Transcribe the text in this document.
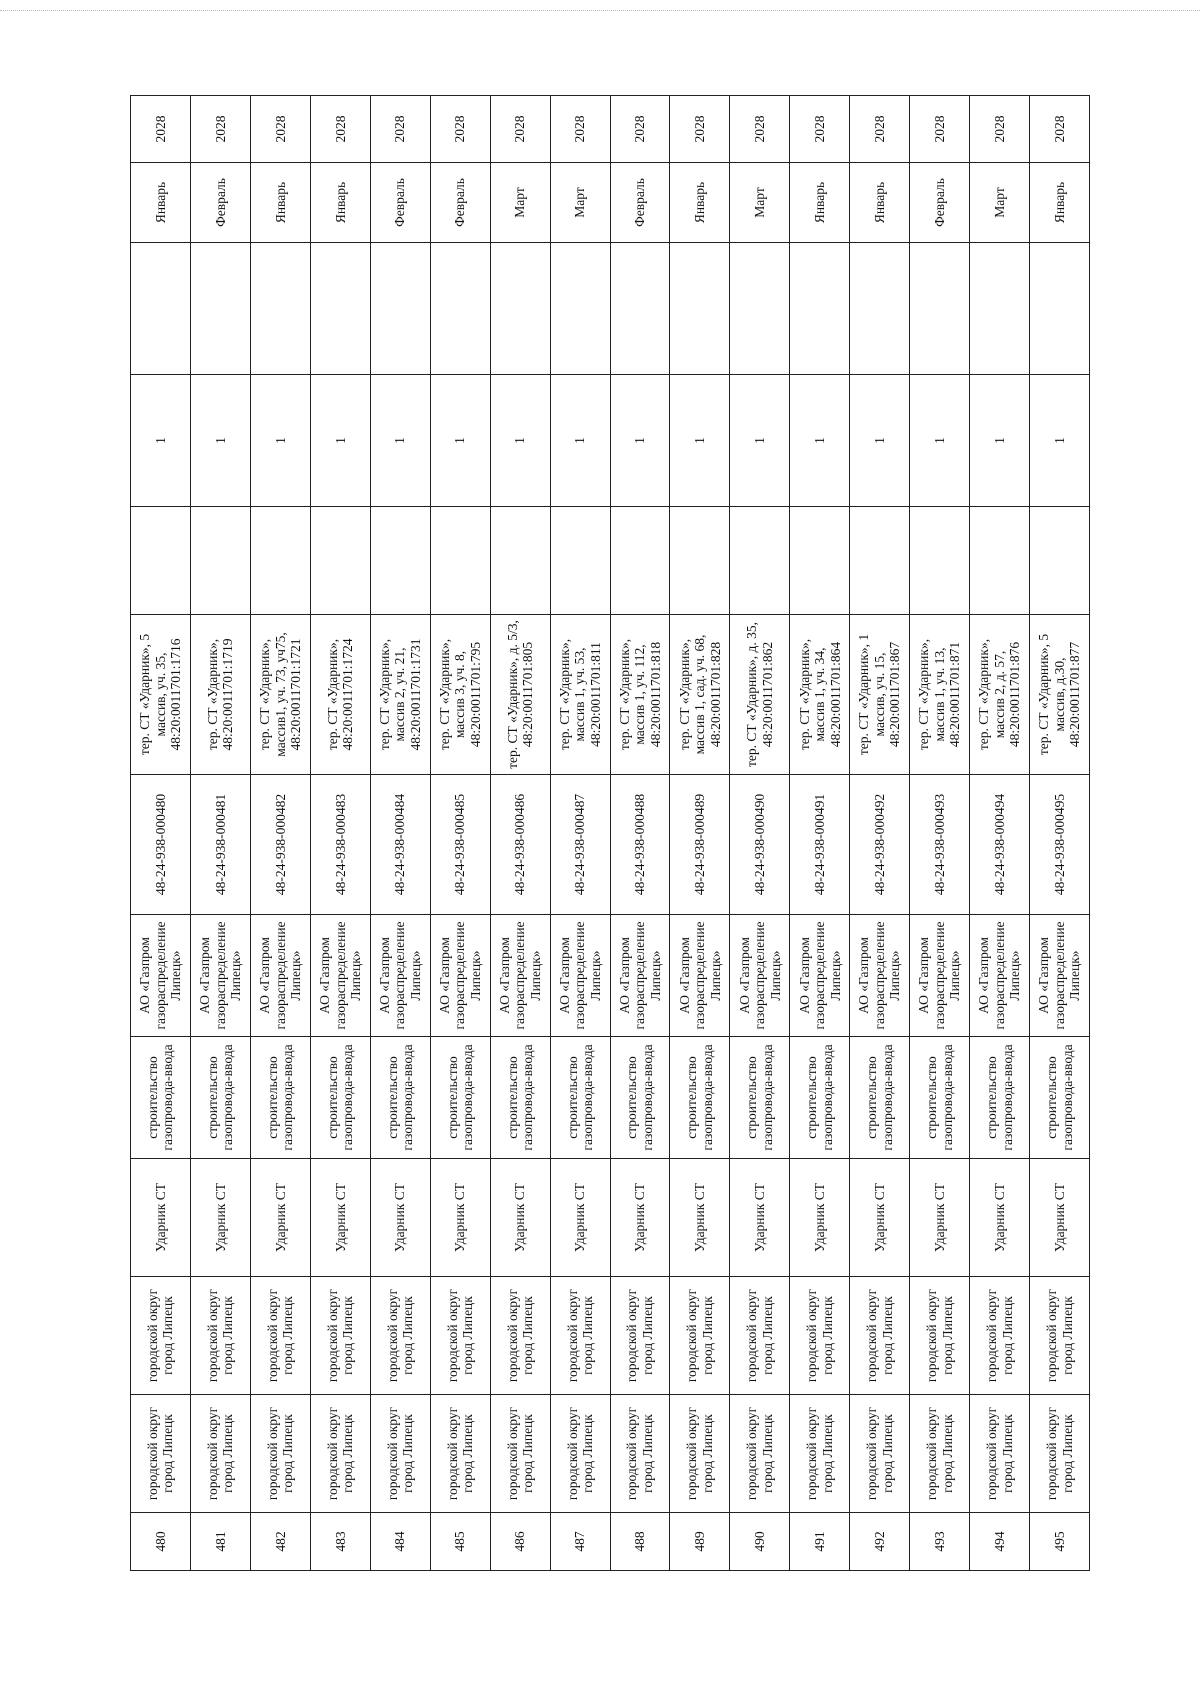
480	городской округ город Липецк	городской округ город Липецк	Ударник СТ	строительство газопровода-ввода	АО «Газпром газораспределение Липецк»	48-24-938-000480	тер. СТ «Ударник», 5 массив, уч. 35, 48:20:0011701:1716		1		Январь	2028
481	городской округ город Липецк	городской округ город Липецк	Ударник СТ	строительство газопровода-ввода	АО «Газпром газораспределение Липецк»	48-24-938-000481	тер. СТ «Ударник», 48:20:0011701:1719		1		Февраль	2028
482	городской округ город Липецк	городской округ город Липецк	Ударник СТ	строительство газопровода-ввода	АО «Газпром газораспределение Липецк»	48-24-938-000482	тер. СТ «Ударник», массив1, уч. 73, уч75, 48:20:0011701:1721		1		Январь	2028
483	городской округ город Липецк	городской округ город Липецк	Ударник СТ	строительство газопровода-ввода	АО «Газпром газораспределение Липецк»	48-24-938-000483	тер. СТ «Ударник», 48:20:0011701:1724		1		Январь	2028
484	городской округ город Липецк	городской округ город Липецк	Ударник СТ	строительство газопровода-ввода	АО «Газпром газораспределение Липецк»	48-24-938-000484	тер. СТ «Ударник», массив 2, уч. 21, 48:20:0011701:1731		1		Февраль	2028
485	городской округ город Липецк	городской округ город Липецк	Ударник СТ	строительство газопровода-ввода	АО «Газпром газораспределение Липецк»	48-24-938-000485	тер. СТ «Ударник», массив 3, уч. 8, 48:20:0011701:795		1		Февраль	2028
486	городской округ город Липецк	городской округ город Липецк	Ударник СТ	строительство газопровода-ввода	АО «Газпром газораспределение Липецк»	48-24-938-000486	тер. СТ «Ударник», д. 5/3, 48:20:0011701:805		1		Март	2028
487	городской округ город Липецк	городской округ город Липецк	Ударник СТ	строительство газопровода-ввода	АО «Газпром газораспределение Липецк»	48-24-938-000487	тер. СТ «Ударник», массив 1, уч. 53, 48:20:0011701:811		1		Март	2028
488	городской округ город Липецк	городской округ город Липецк	Ударник СТ	строительство газопровода-ввода	АО «Газпром газораспределение Липецк»	48-24-938-000488	тер. СТ «Ударник», массив 1, уч. 112, 48:20:0011701:818		1		Февраль	2028
489	городской округ город Липецк	городской округ город Липецк	Ударник СТ	строительство газопровода-ввода	АО «Газпром газораспределение Липецк»	48-24-938-000489	тер. СТ «Ударник», массив 1, сад. уч. 68, 48:20:0011701:828		1		Январь	2028
490	городской округ город Липецк	городской округ город Липецк	Ударник СТ	строительство газопровода-ввода	АО «Газпром газораспределение Липецк»	48-24-938-000490	тер. СТ «Ударник», д. 35, 48:20:0011701:862		1		Март	2028
491	городской округ город Липецк	городской округ город Липецк	Ударник СТ	строительство газопровода-ввода	АО «Газпром газораспределение Липецк»	48-24-938-000491	тер. СТ «Ударник», массив 1, уч. 34, 48:20:0011701:864		1		Январь	2028
492	городской округ город Липецк	городской округ город Липецк	Ударник СТ	строительство газопровода-ввода	АО «Газпром газораспределение Липецк»	48-24-938-000492	тер. СТ «Ударник», 1 массив, уч. 15, 48:20:0011701:867		1		Январь	2028
493	городской округ город Липецк	городской округ город Липецк	Ударник СТ	строительство газопровода-ввода	АО «Газпром газораспределение Липецк»	48-24-938-000493	тер. СТ «Ударник», массив 1, уч. 13, 48:20:0011701:871		1		Февраль	2028
494	городской округ город Липецк	городской округ город Липецк	Ударник СТ	строительство газопровода-ввода	АО «Газпром газораспределение Липецк»	48-24-938-000494	тер. СТ «Ударник», массив 2, д. 57, 48:20:0011701:876		1		Март	2028
495	городской округ город Липецк	городской округ город Липецк	Ударник СТ	строительство газопровода-ввода	АО «Газпром газораспределение Липецк»	48-24-938-000495	тер. СТ «Ударник», 5 массив, д.30, 48:20:0011701:877		1		Январь	2028
